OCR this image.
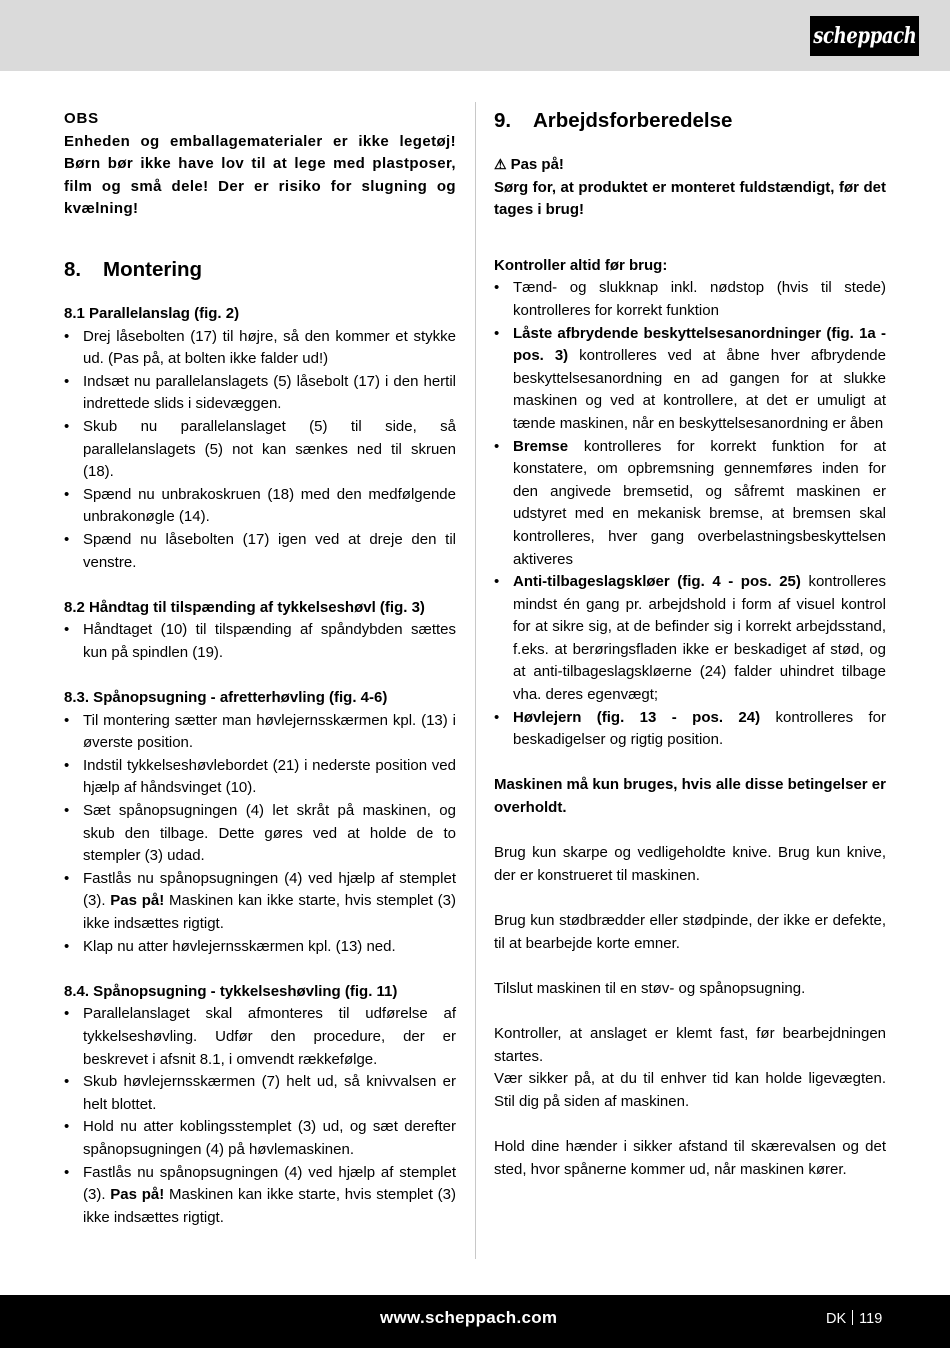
scheppach

OBS

Enheden og emballagematerialer er ikke legetøj! Børn bør ikke have lov til at lege med plastposer, film og små dele! Der er risiko for slugning og kvælning!

8. Montering

8.1 Parallelanslag (fig. 2)

• Drej låsebolten (17) til højre, så den kommer et stykke ud. (Pas på, at bolten ikke falder ud!)
• Indsæt nu parallelanslagets (5) låsebolt (17) i den hertil indrettede slids i sidevæggen.
• Skub nu parallelanslaget (5) til side, så parallelanslagets (5) not kan sænkes ned til skruen (18).
• Spænd nu unbrakoskruen (18) med den medfølgende unbrakonøgle (14).
• Spænd nu låsebolten (17) igen ved at dreje den til venstre.

8.2 Håndtag til tilspænding af tykkelseshøvl (fig. 3)

• Håndtaget (10) til tilspænding af spåndybden sættes kun på spindlen (19).

8.3. Spånopsugning - afretterhøvling (fig. 4-6)

• Til montering sætter man høvlejernsskærmen kpl. (13) i øverste position.
• Indstil tykkelseshøvlebordet (21) i nederste position ved hjælp af håndsvinget (10).
• Sæt spånopsugningen (4) let skråt på maskinen, og skub den tilbage. Dette gøres ved at holde de to stempler (3) udad.
• Fastlås nu spånopsugningen (4) ved hjælp af stemplet (3). Pas på! Maskinen kan ikke starte, hvis stemplet (3) ikke indsættes rigtigt.
• Klap nu atter høvlejernsskærmen kpl. (13) ned.

8.4. Spånopsugning - tykkelseshøvling (fig. 11)

• Parallelanslaget skal afmonteres til udførelse af tykkelseshøvling. Udfør den procedure, der er beskrevet i afsnit 8.1, i omvendt rækkefølge.
• Skub høvlejernsskærmen (7) helt ud, så knivvalsen er helt blottet.
• Hold nu atter koblingsstemplet (3) ud, og sæt derefter spånopsugningen (4) på høvlemaskinen.
• Fastlås nu spånopsugningen (4) ved hjælp af stemplet (3). Pas på! Maskinen kan ikke starte, hvis stemplet (3) ikke indsættes rigtigt.
9. Arbejdsforberedelse

⚠ Pas på!

Sørg for, at produktet er monteret fuldstændigt, før det tages i brug!

Kontroller altid før brug:

• Tænd- og slukknap inkl. nødstop (hvis til stede) kontrolleres for korrekt funktion
• Låste afbrydende beskyttelsesanordninger (fig. 1a - pos. 3) kontrolleres ved at åbne hver afbrydende beskyttelsesanordning en ad gangen for at slukke maskinen og ved at kontrollere, at det er umuligt at tænde maskinen, når en beskyttelsesanordning er åben
• Bremse kontrolleres for korrekt funktion for at konstatere, om opbremsning gennemføres inden for den angivede bremsetid, og såfremt maskinen er udstyret med en mekanisk bremse, at bremsen skal kontrolleres, hver gang overbelastningsbeskyttelsen aktiveres
• Anti-tilbageslagskløer (fig. 4 - pos. 25) kontrolleres mindst én gang pr. arbejdshold i form af visuel kontrol for at sikre sig, at de befinder sig i korrekt arbejdsstand, f.eks. at berøringsfladen ikke er beskadiget af stød, og at anti-tilbageslagskløerne (24) falder uhindret tilbage vha. deres egenvægt;
• Høvlejern (fig. 13 - pos. 24) kontrolleres for beskadigelser og rigtig position.

Maskinen må kun bruges, hvis alle disse betingelser er overholdt.

Brug kun skarpe og vedligeholdte knive. Brug kun knive, der er konstrueret til maskinen.

Brug kun stødbrædder eller stødpinde, der ikke er defekte, til at bearbejde korte emner.

Tilslut maskinen til en støv- og spånopsugning.

Kontroller, at anslaget er klemt fast, før bearbejdningen startes.

Vær sikker på, at du til enhver tid kan holde ligevægten. Stil dig på siden af maskinen.

Hold dine hænder i sikker afstand til skærevalsen og det sted, hvor spånerne kommer ud, når maskinen kører.

www.scheppach.com	DK 119
